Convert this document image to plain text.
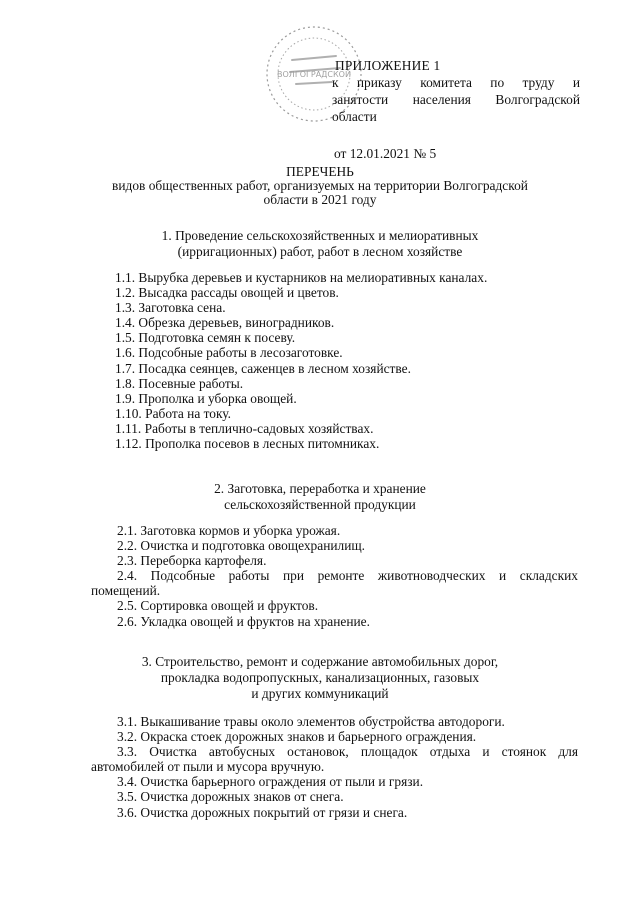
ВОЛГОГРАДСКОЙ
ПРИЛОЖЕНИЕ 1
к приказу комитета по труду и
занятости населения Волгоградской
области
от 12.01.2021 № 5
ПЕРЕЧЕНЬ
видов общественных работ, организуемых на территории Волгоградской
области в 2021 году
1. Проведение сельскохозяйственных и мелиоративных
(ирригационных) работ, работ в лесном хозяйстве
1.1. Вырубка деревьев и кустарников на мелиоративных каналах.
1.2. Высадка рассады овощей и цветов.
1.3. Заготовка сена.
1.4. Обрезка деревьев, виноградников.
1.5. Подготовка семян к посеву.
1.6. Подсобные работы в лесозаготовке.
1.7. Посадка сеянцев, саженцев в лесном хозяйстве.
1.8. Посевные работы.
1.9. Прополка и уборка овощей.
1.10. Работа на току.
1.11. Работы в теплично-садовых хозяйствах.
1.12. Прополка посевов в лесных питомниках.
2. Заготовка, переработка и хранение
сельскохозяйственной продукции
2.1. Заготовка кормов и уборка урожая.
2.2. Очистка и подготовка овощехранилищ.
2.3. Переборка картофеля.
2.4. Подсобные работы при ремонте животноводческих и складских помещений.
2.5. Сортировка овощей и фруктов.
2.6. Укладка овощей и фруктов на хранение.
3. Строительство, ремонт и содержание автомобильных дорог,
прокладка водопропускных, канализационных, газовых
и других коммуникаций
3.1. Выкашивание травы около элементов обустройства автодороги.
3.2. Окраска стоек дорожных знаков и барьерного ограждения.
3.3. Очистка автобусных остановок, площадок отдыха и стоянок для автомобилей от пыли и мусора вручную.
3.4. Очистка барьерного ограждения от пыли и грязи.
3.5. Очистка дорожных знаков от снега.
3.6. Очистка дорожных покрытий от грязи и снега.
